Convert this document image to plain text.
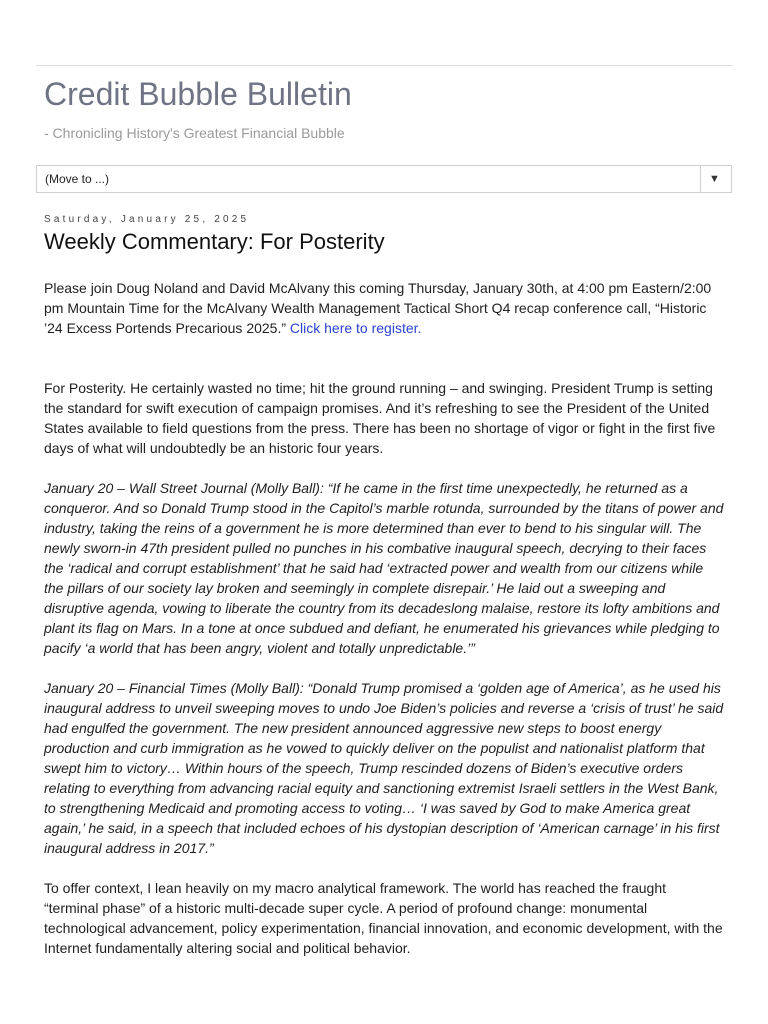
Credit Bubble Bulletin
- Chronicling History's Greatest Financial Bubble
(Move to ...)	▼
Saturday, January 25, 2025
Weekly Commentary: For Posterity

Please join Doug Noland and David McAlvany this coming Thursday, January 30th, at 4:00 pm Eastern/2:00 pm Mountain Time for the McAlvany Wealth Management Tactical Short Q4 recap conference call, “Historic ’24 Excess Portends Precarious 2025.” Click here to register.

For Posterity. He certainly wasted no time; hit the ground running – and swinging. President Trump is setting the standard for swift execution of campaign promises. And it’s refreshing to see the President of the United States available to field questions from the press. There has been no shortage of vigor or fight in the first five days of what will undoubtedly be an historic four years.

January 20 – Wall Street Journal (Molly Ball): “If he came in the first time unexpectedly, he returned as a conqueror. And so Donald Trump stood in the Capitol’s marble rotunda, surrounded by the titans of power and industry, taking the reins of a government he is more determined than ever to bend to his singular will. The newly sworn-in 47th president pulled no punches in his combative inaugural speech, decrying to their faces the ‘radical and corrupt establishment’ that he said had ‘extracted power and wealth from our citizens while the pillars of our society lay broken and seemingly in complete disrepair.’ He laid out a sweeping and disruptive agenda, vowing to liberate the country from its decadeslong malaise, restore its lofty ambitions and plant its flag on Mars. In a tone at once subdued and defiant, he enumerated his grievances while pledging to pacify ‘a world that has been angry, violent and totally unpredictable.’”

January 20 – Financial Times (Molly Ball): “Donald Trump promised a ‘golden age of America’, as he used his inaugural address to unveil sweeping moves to undo Joe Biden’s policies and reverse a ‘crisis of trust’ he said had engulfed the government. The new president announced aggressive new steps to boost energy production and curb immigration as he vowed to quickly deliver on the populist and nationalist platform that swept him to victory… Within hours of the speech, Trump rescinded dozens of Biden’s executive orders relating to everything from advancing racial equity and sanctioning extremist Israeli settlers in the West Bank, to strengthening Medicaid and promoting access to voting… ‘I was saved by God to make America great again,’ he said, in a speech that included echoes of his dystopian description of ‘American carnage’ in his first inaugural address in 2017.”

To offer context, I lean heavily on my macro analytical framework. The world has reached the fraught “terminal phase” of a historic multi-decade super cycle. A period of profound change: monumental technological advancement, policy experimentation, financial innovation, and economic development, with the Internet fundamentally altering social and political behavior.
